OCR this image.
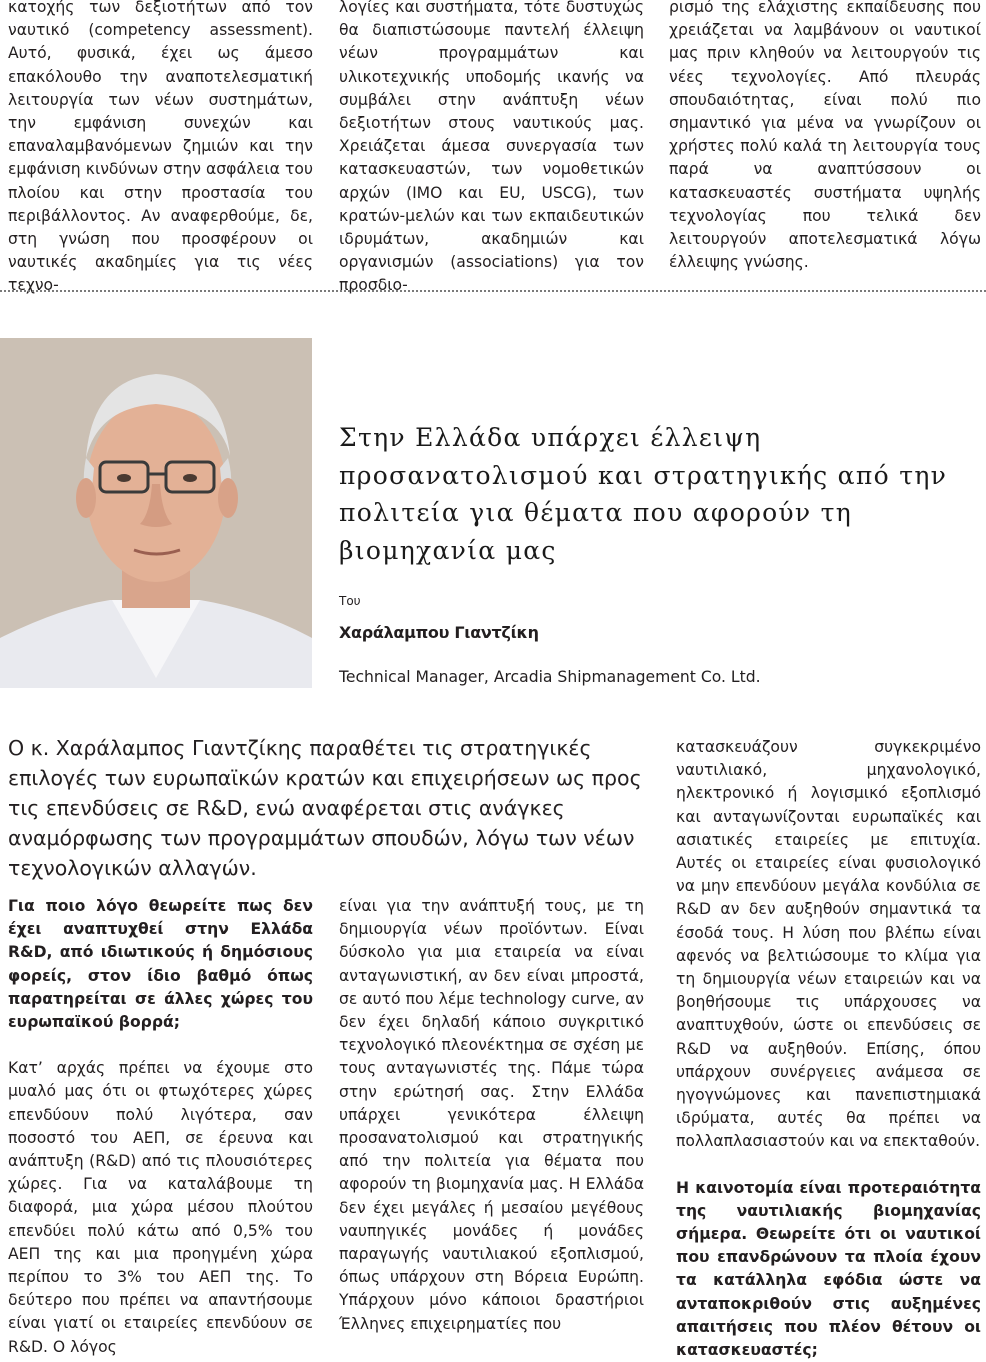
κατοχής των δεξιοτήτων από τον ναυτικό (competency assessment). Αυτό, φυσικά, έχει ως άμεσο επακόλουθο την αναποτελεσματική λειτουργία των νέων συστημάτων, την εμφάνιση συνεχών και επαναλαμβανόμενων ζημιών και την εμφάνιση κινδύνων στην ασφάλεια του πλοίου και στην προστασία του περιβάλλοντος. Αν αναφερθούμε, δε, στη γνώση που προσφέρουν οι ναυτικές ακαδημίες για τις νέες τεχνο-

λογίες και συστήματα, τότε δυστυχώς θα διαπιστώσουμε παντελή έλλειψη νέων προγραμμάτων και υλικοτεχνικής υποδομής ικανής να συμβάλει στην ανάπτυξη νέων δεξιοτήτων στους ναυτικούς μας. Χρειάζεται άμεσα συνεργασία των κατασκευαστών, των νομοθετικών αρχών (IMO και EU, USCG), των κρατών-μελών και των εκπαιδευτικών ιδρυμάτων, ακαδημιών και οργανισμών (associations) για τον προσδιο-

ρισμό της ελάχιστης εκπαίδευσης που χρειάζεται να λαμβάνουν οι ναυτικοί μας πριν κληθούν να λειτουργούν τις νέες τεχνολογίες. Από πλευράς σπουδαιότητας, είναι πολύ πιο σημαντικό για μένα να γνωρίζουν οι χρήστες πολύ καλά τη λειτουργία τους παρά να αναπτύσσουν οι κατασκευαστές συστήματα υψηλής τεχνολογίας που τελικά δεν λειτουργούν αποτελεσματικά λόγω έλλειψης γνώσης.

Στην Ελλάδα υπάρχει έλλειψη προσανατολισμού και στρατηγικής από την πολιτεία για θέματα που αφορούν τη βιομηχανία μας
Του
Χαράλαμπου Γιαντζίκη
Technical Manager, Arcadia Shipmanagement Co. Ltd.

Ο κ. Χαράλαμπος Γιαντζίκης παραθέτει τις στρατηγικές επιλογές των ευρωπαϊκών κρατών και επιχειρήσεων ως προς τις επενδύσεις σε R&D, ενώ αναφέρεται στις ανάγκες αναμόρφωσης των προγραμμάτων σπουδών, λόγω των νέων τεχνολογικών αλλαγών.

Για ποιο λόγο θεωρείτε πως δεν έχει αναπτυχθεί στην Ελλάδα R&D, από ιδιωτικούς ή δημόσιους φορείς, στον ίδιο βαθμό όπως παρατηρείται σε άλλες χώρες του ευρωπαϊκού βορρά;

Κατ’ αρχάς πρέπει να έχουμε στο μυαλό μας ότι οι φτωχότερες χώρες επενδύουν πολύ λιγότερα, σαν ποσοστό του ΑΕΠ, σε έρευνα και ανάπτυξη (R&D) από τις πλουσιότερες χώρες. Για να καταλάβουμε τη διαφορά, μια χώρα μέσου πλούτου επενδύει πολύ κάτω από 0,5% του ΑΕΠ της και μια προηγμένη χώρα περίπου το 3% του ΑΕΠ της. Το δεύτερο που πρέπει να απαντήσουμε είναι γιατί οι εταιρείες επενδύουν σε R&D. Ο λόγος

είναι για την ανάπτυξή τους, με τη δημιουργία νέων προϊόντων. Είναι δύσκολο για μια εταιρεία να είναι ανταγωνιστική, αν δεν είναι μπροστά, σε αυτό που λέμε technology curve, αν δεν έχει δηλαδή κάποιο συγκριτικό τεχνολογικό πλεονέκτημα σε σχέση με τους ανταγωνιστές της. Πάμε τώρα στην ερώτησή σας. Στην Ελλάδα υπάρχει γενικότερα έλλειψη προσανατολισμού και στρατηγικής από την πολιτεία για θέματα που αφορούν τη βιομηχανία μας. Η Ελλάδα δεν έχει μεγάλες ή μεσαίου μεγέθους ναυπηγικές μονάδες ή μονάδες παραγωγής ναυτιλιακού εξοπλισμού, όπως υπάρχουν στη Βόρεια Ευρώπη. Υπάρχουν μόνο κάποιοι δραστήριοι Έλληνες επιχειρηματίες που

κατασκευάζουν συγκεκριμένο ναυτιλιακό, μηχανολογικό, ηλεκτρονικό ή λογισμικό εξοπλισμό και ανταγωνίζονται ευρωπαϊκές και ασιατικές εταιρείες με επιτυχία. Αυτές οι εταιρείες είναι φυσιολογικό να μην επενδύουν μεγάλα κονδύλια σε R&D αν δεν αυξηθούν σημαντικά τα έσοδά τους. Η λύση που βλέπω είναι αφενός να βελτιώσουμε το κλίμα για τη δημιουργία νέων εταιρειών και να βοηθήσουμε τις υπάρχουσες να αναπτυχθούν, ώστε οι επενδύσεις σε R&D να αυξηθούν. Επίσης, όπου υπάρχουν συνέργειες ανάμεσα σε ηγογνώμονες και πανεπιστημιακά ιδρύματα, αυτές θα πρέπει να πολλαπλασιαστούν και να επεκταθούν.

Η καινοτομία είναι προτεραιότητα της ναυτιλιακής βιομηχανίας σήμερα. Θεωρείτε ότι οι ναυτικοί που επανδρώνουν τα πλοία έχουν τα κατάλληλα εφόδια ώστε να ανταποκριθούν στις αυξημένες απαιτήσεις που πλέον θέτουν οι κατασκευαστές;
